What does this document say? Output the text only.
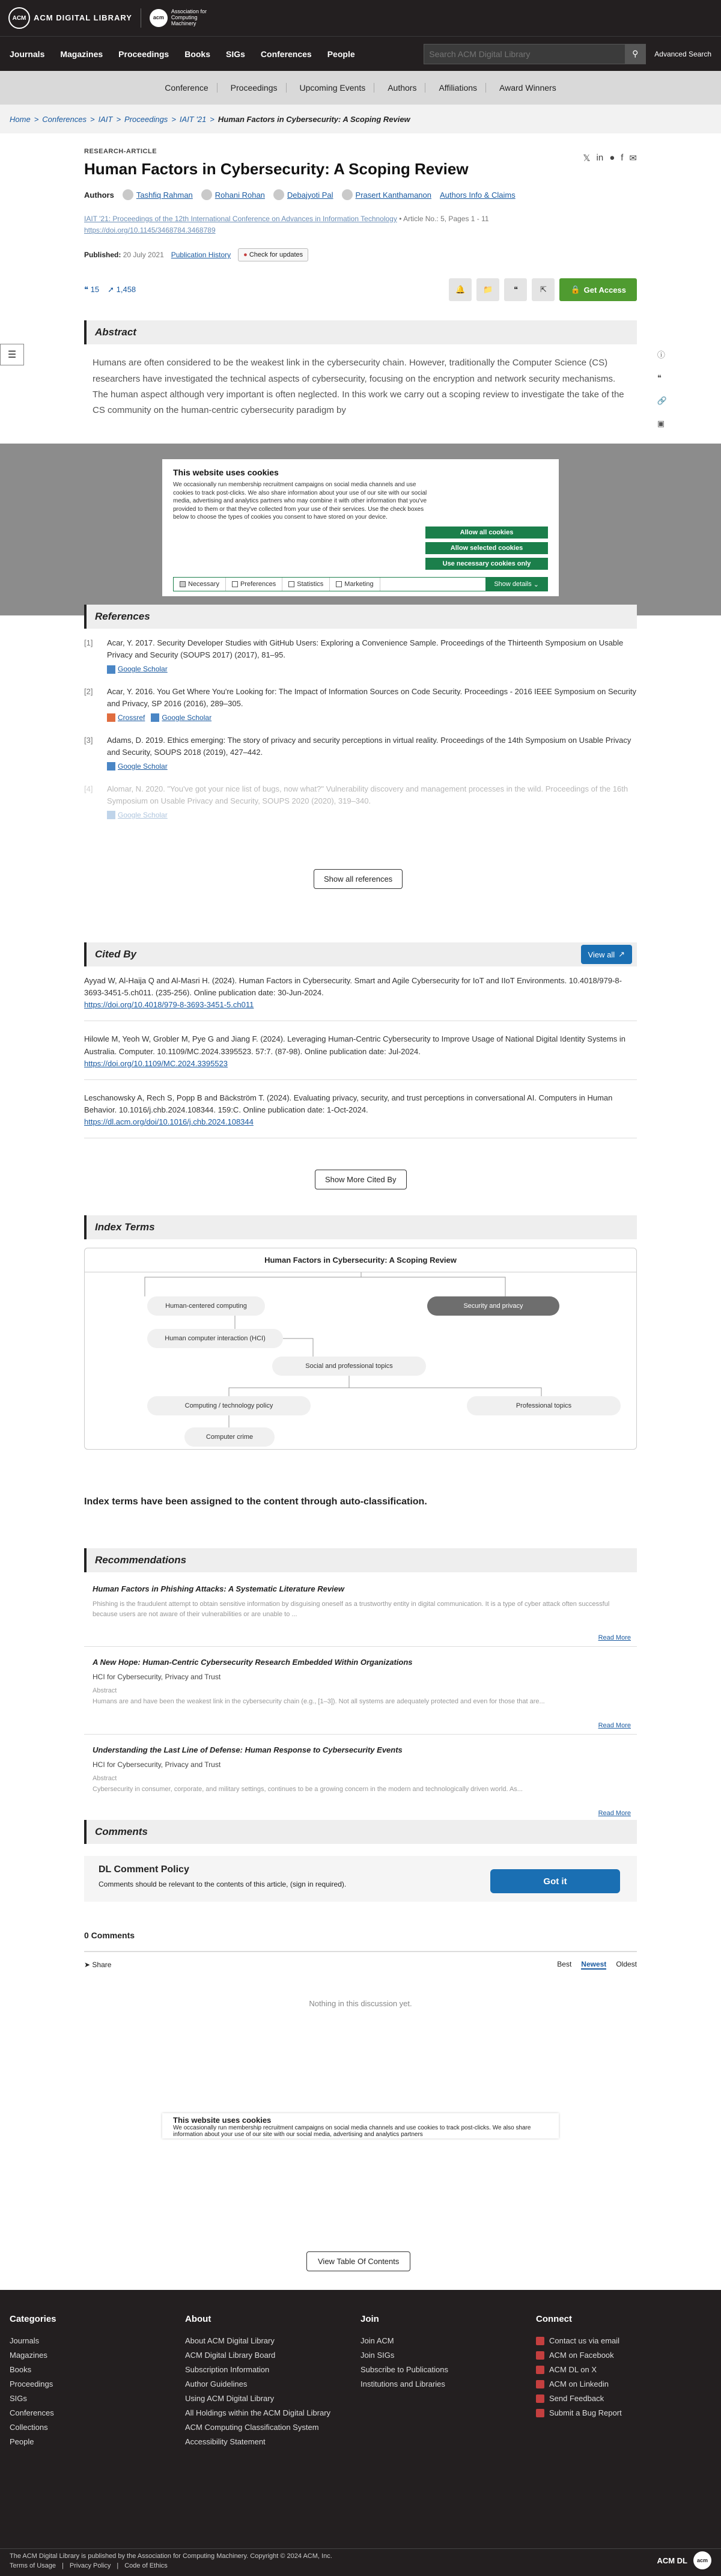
ACM ACM DIGITAL LIBRARY	acm
Association for Computing Machinery
Journals Magazines Proceedings Books SIGs Conferences People
Search ACM Digital Library	⚲	Advanced Search
Conference	Proceedings	Upcoming Events	Authors	Affiliations	Award Winners
Home > Conferences > IAIT > Proceedings > IAIT '21 > Human Factors in Cybersecurity: A Scoping Review
𝕏 in ● f ✉
RESEARCH-ARTICLE
Human Factors in Cybersecurity: A Scoping Review
Authors	Tashfiq Rahman	Rohani Rohan	Debajyoti Pal	Prasert Kanthamanon Authors Info & Claims
IAIT '21: Proceedings of the 12th International Conference on Advances in Information Technology • Article No.: 5, Pages 1 - 11
https://doi.org/10.1145/3468784.3468789
Published: 20 July 2021 Publication History	● Check for updates
❝ 15 ➚ 1,458	🔔	📁	❝	⇱	🔒 Get Access
☰	ⓘ
❝
🔗
▣
Abstract

Humans are often considered to be the weakest link in the cybersecurity chain. However, traditionally the Computer Science (CS) researchers have investigated the technical aspects of cybersecurity, focusing on the encryption and network security mechanisms. The human aspect although very important is often neglected. In this work we carry out a scoping review to investigate the take of the CS community on the human-centric cybersecurity paradigm by

This website uses cookies

We occasionally run membership recruitment campaigns on social media channels and use cookies to track post-clicks. We also share information about your use of our site with our social media, advertising and analytics partners who may combine it with other information that you've provided to them or that they've collected from your use of their services. Use the check boxes below to choose the types of cookies you consent to have stored on your device.

Allow all cookies
Allow selected cookies
Use necessary cookies only
Necessary	Preferences	Statistics	Marketing	Show details
⌄
References
[1]	Acar, Y. 2017. Security Developer Studies with GitHub Users: Exploring a Convenience Sample. Proceedings of the Thirteenth Symposium on Usable Privacy and Security (SOUPS 2017) (2017), 81–95.
Google Scholar
[2]	Acar, Y. 2016. You Get Where You're Looking for: The Impact of Information Sources on Code Security. Proceedings - 2016 IEEE Symposium on Security and Privacy, SP 2016 (2016), 289–305.
Crossref Google Scholar
[3]	Adams, D. 2019. Ethics emerging: The story of privacy and security perceptions in virtual reality. Proceedings of the 14th Symposium on Usable Privacy and Security, SOUPS 2018 (2019), 427–442.
Google Scholar
[4]	Alomar, N. 2020. "You've got your nice list of bugs, now what?" Vulnerability discovery and management processes in the wild. Proceedings of the 16th Symposium on Usable Privacy and Security, SOUPS 2020 (2020), 319–340.
Google Scholar
Show all references
Cited By	View all ↗
Ayyad W, Al-Haija Q and Al-Masri H. (2024). Human Factors in Cybersecurity. Smart and Agile Cybersecurity for IoT and IIoT Environments. 10.4018/979-8-3693-3451-5.ch011. (235-256). Online publication date: 30-Jun-2024.
https://doi.org/10.4018/979-8-3693-3451-5.ch011
Hilowle M, Yeoh W, Grobler M, Pye G and Jiang F. (2024). Leveraging Human-Centric Cybersecurity to Improve Usage of National Digital Identity Systems in Australia. Computer. 10.1109/MC.2024.3395523. 57:7. (87-98). Online publication date: Jul-2024.
https://doi.org/10.1109/MC.2024.3395523
Leschanowsky A, Rech S, Popp B and Bäckström T. (2024). Evaluating privacy, security, and trust perceptions in conversational AI. Computers in Human Behavior. 10.1016/j.chb.2024.108344. 159:C. Online publication date: 1-Oct-2024.
https://dl.acm.org/doi/10.1016/j.chb.2024.108344
Show More Cited By
Index Terms
Human Factors in Cybersecurity: A Scoping Review
Human-centered computing	Security and privacy
Human computer interaction (HCI)
Social and professional topics
Computing / technology policy	Professional topics
Computer crime
Index terms have been assigned to the content through auto-classification.
Recommendations
Human Factors in Phishing Attacks: A Systematic Literature Review
Phishing is the fraudulent attempt to obtain sensitive information by disguising oneself as a trustworthy entity in digital communication. It is a type of cyber attack often successful because users are not aware of their vulnerabilities or are unable to ...
Read More
A New Hope: Human-Centric Cybersecurity Research Embedded Within Organizations
HCI for Cybersecurity, Privacy and Trust
Abstract
Humans are and have been the weakest link in the cybersecurity chain (e.g., [1–3]). Not all systems are adequately protected and even for those that are...
Read More
Understanding the Last Line of Defense: Human Response to Cybersecurity Events
HCI for Cybersecurity, Privacy and Trust
Abstract
Cybersecurity in consumer, corporate, and military settings, continues to be a growing concern in the modern and technologically driven world. As...
Read More
Comments
DL Comment Policy
Comments should be relevant to the contents of this article, (sign in required).	Got it
0 Comments
➤ Share	Best Newest Oldest
Nothing in this discussion yet.
This website uses cookies
We occasionally run membership recruitment campaigns on social media channels and use cookies to track post-clicks. We also share information about your use of our site with our social media, advertising and analytics partners
View Table Of Contents
Categories
Journals
Magazines
Books
Proceedings
SIGs
Conferences
Collections
People
About
About ACM Digital Library
ACM Digital Library Board
Subscription Information
Author Guidelines
Using ACM Digital Library
All Holdings within the ACM Digital Library
ACM Computing Classification System
Accessibility Statement
Join
Join ACM
Join SIGs
Subscribe to Publications
Institutions and Libraries
Connect
Contact us via email
ACM on Facebook
ACM DL on X
ACM on Linkedin
Send Feedback
Submit a Bug Report
The ACM Digital Library is published by the Association for Computing Machinery. Copyright © 2024 ACM, Inc.
Terms of Usage | Privacy Policy | Code of Ethics
ACM DL	acm
